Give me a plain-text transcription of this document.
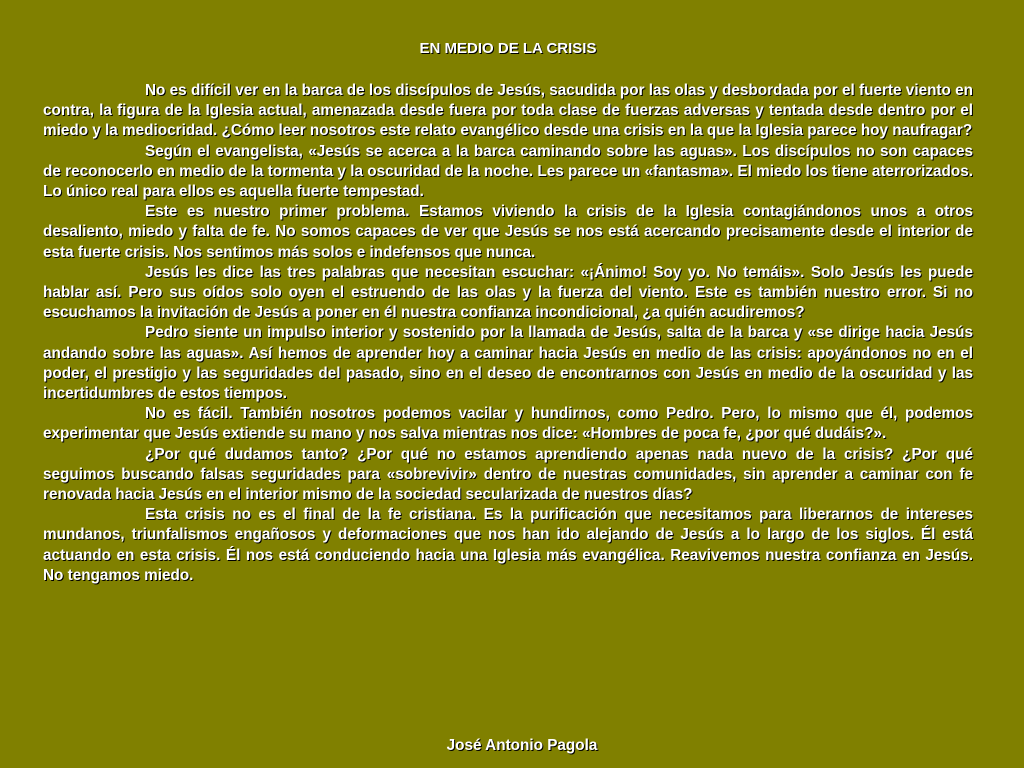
EN MEDIO DE LA CRISIS

No es difícil ver en la barca de los discípulos de Jesús, sacudida por las olas y desbordada por el fuerte viento en contra, la figura de la Iglesia actual, amenazada desde fuera por toda clase de fuerzas adversas y tentada desde dentro por el miedo y la mediocridad. ¿Cómo leer nosotros este relato evangélico desde una crisis en la que la Iglesia parece hoy naufragar?

Según el evangelista, «Jesús se acerca a la barca caminando sobre las aguas». Los discípulos no son capaces de reconocerlo en medio de la tormenta y la oscuridad de la noche. Les parece un «fantasma». El miedo los tiene aterrorizados. Lo único real para ellos es aquella fuerte tempestad.

Este es nuestro primer problema. Estamos viviendo la crisis de la Iglesia contagiándonos unos a otros desaliento, miedo y falta de fe. No somos capaces de ver que Jesús se nos está acercando precisamente desde el interior de esta fuerte crisis. Nos sentimos más solos e indefensos que nunca.

Jesús les dice las tres palabras que necesitan escuchar: «¡Ánimo! Soy yo. No temáis». Solo Jesús les puede hablar así. Pero sus oídos solo oyen el estruendo de las olas y la fuerza del viento. Este es también nuestro error. Si no escuchamos la invitación de Jesús a poner en él nuestra confianza incondicional, ¿a quién acudiremos?

Pedro siente un impulso interior y sostenido por la llamada de Jesús, salta de la barca y «se dirige hacia Jesús andando sobre las aguas». Así hemos de aprender hoy a caminar hacia Jesús en medio de las crisis: apoyándonos no en el poder, el prestigio y las seguridades del pasado, sino en el deseo de encontrarnos con Jesús en medio de la oscuridad y las incertidumbres de estos tiempos.

No es fácil. También nosotros podemos vacilar y hundirnos, como Pedro. Pero, lo mismo que él, podemos experimentar que Jesús extiende su mano y nos salva mientras nos dice: «Hombres de poca fe, ¿por qué dudáis?».

¿Por qué dudamos tanto? ¿Por qué no estamos aprendiendo apenas nada nuevo de la crisis? ¿Por qué seguimos buscando falsas seguridades para «sobrevivir» dentro de nuestras comunidades, sin aprender a caminar con fe renovada hacia Jesús en el interior mismo de la sociedad secularizada de nuestros días?

Esta crisis no es el final de la fe cristiana. Es la purificación que necesitamos para liberarnos de intereses mundanos, triunfalismos engañosos y deformaciones que nos han ido alejando de Jesús a lo largo de los siglos. Él está actuando en esta crisis. Él nos está conduciendo hacia una Iglesia más evangélica. Reavivemos nuestra confianza en Jesús. No tengamos miedo.

José Antonio Pagola
